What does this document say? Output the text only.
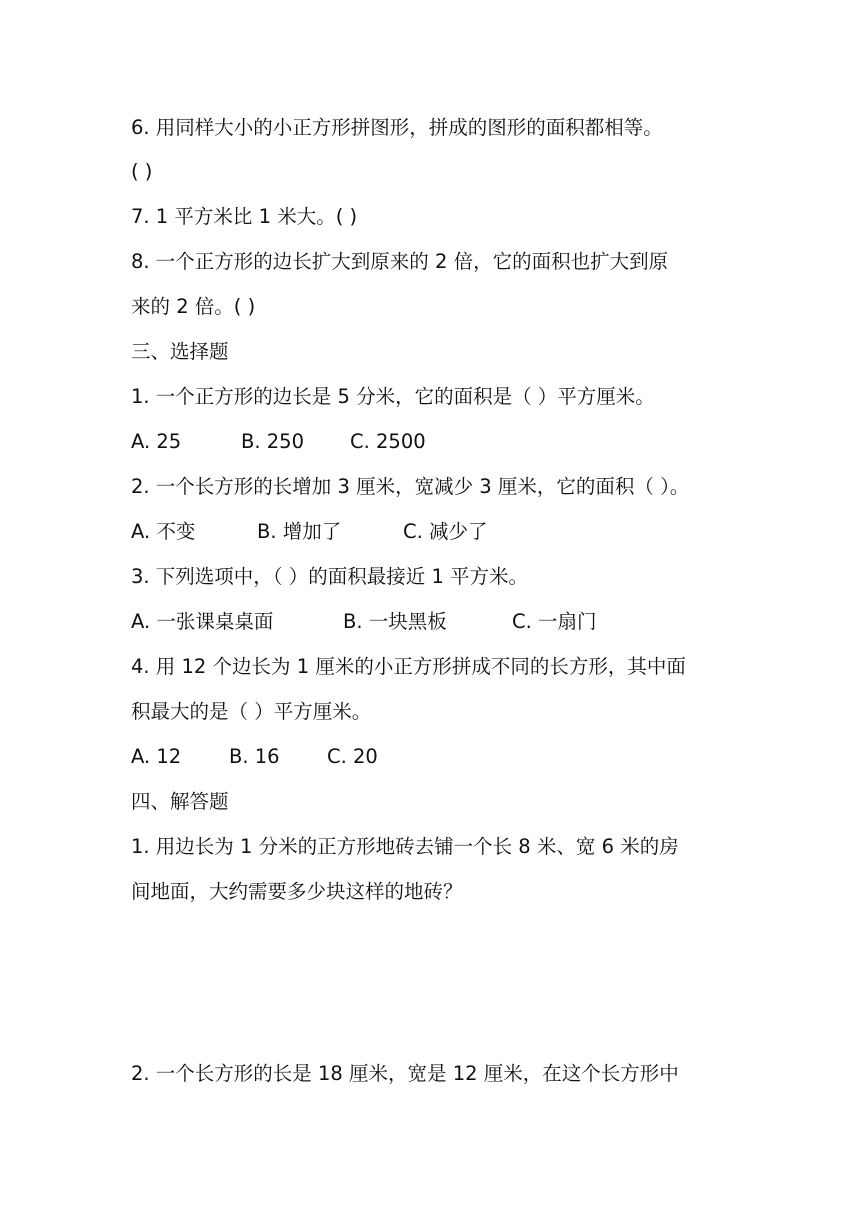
6. 用同样大小的小正方形拼图形，拼成的图形的面积都相等。
( )
7. 1 平方米比 1 米大。( )
8. 一个正方形的边长扩大到原来的 2 倍，它的面积也扩大到原
来的 2 倍。( )
三、选择题
1. 一个正方形的边长是 5 分米，它的面积是（ ）平方厘米。
A. 25	B. 250 C. 2500
2. 一个长方形的长增加 3 厘米，宽减少 3 厘米，它的面积（ ）。
A. 不变	B. 增加了	C. 减少了
3. 下列选项中，（ ）的面积最接近 1 平方米。
A. 一张课桌桌面	B. 一块黑板	C. 一扇门
4. 用 12 个边长为 1 厘米的小正方形拼成不同的长方形，其中面
积最大的是（ ）平方厘米。
A. 12 B. 16 C. 20
四、解答题
1. 用边长为 1 分米的正方形地砖去铺一个长 8 米、宽 6 米的房
间地面，大约需要多少块这样的地砖？
2. 一个长方形的长是 18 厘米，宽是 12 厘米，在这个长方形中
